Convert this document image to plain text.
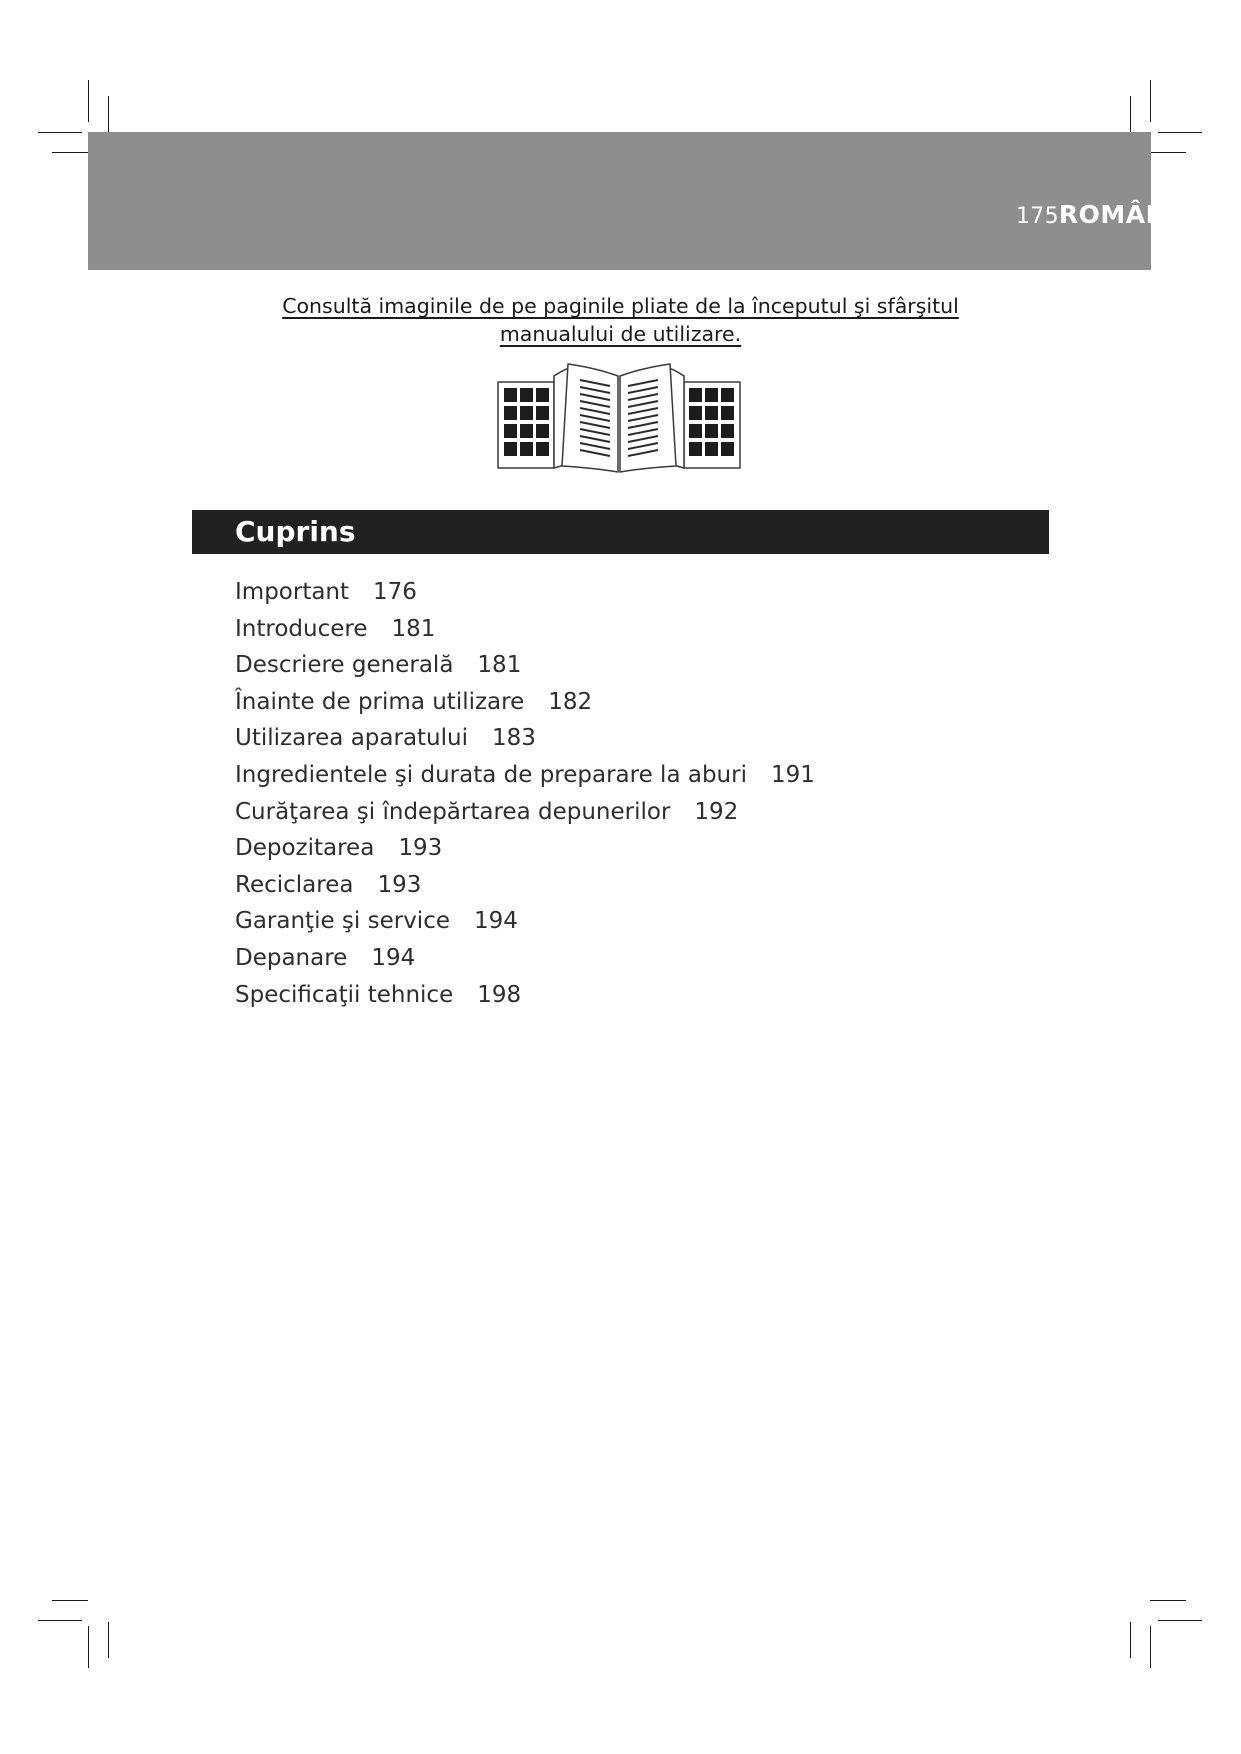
175ROMÂNĂ
Consultă imaginile de pe paginile pliate de la începutul şi sfârşitul
manualului de utilizare.
Cuprins
Important 176
Introducere 181
Descriere generală 181
Înainte de prima utilizare 182
Utilizarea aparatului 183
Ingredientele şi durata de preparare la aburi 191
Curăţarea şi îndepărtarea depunerilor 192
Depozitarea 193
Reciclarea 193
Garanţie şi service 194
Depanare 194
Specificaţii tehnice 198
